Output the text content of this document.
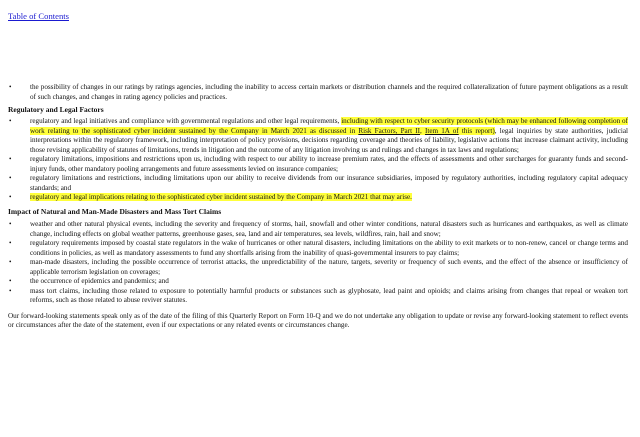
Table of Contents
•	the possibility of changes in our ratings by ratings agencies, including the inability to access certain markets or distribution channels and the required collateralization of future payment obligations as a result of such changes, and changes in rating agency policies and practices.
Regulatory and Legal Factors
•	regulatory and legal initiatives and compliance with governmental regulations and other legal requirements, including with respect to cyber security protocols (which may be enhanced following completion of work relating to the sophisticated cyber incident sustained by the Company in March 2021 as discussed in Risk Factors, Part II, Item 1A of this report), legal inquiries by state authorities, judicial interpretations within the regulatory framework, including interpretation of policy provisions, decisions regarding coverage and theories of liability, legislative actions that increase claimant activity, including those revising applicability of statutes of limitations, trends in litigation and the outcome of any litigation involving us and rulings and changes in tax laws and regulations;
•	regulatory limitations, impositions and restrictions upon us, including with respect to our ability to increase premium rates, and the effects of assessments and other surcharges for guaranty funds and second-injury funds, other mandatory pooling arrangements and future assessments levied on insurance companies;
•	regulatory limitations and restrictions, including limitations upon our ability to receive dividends from our insurance subsidiaries, imposed by regulatory authorities, including regulatory capital adequacy standards; and
•	regulatory and legal implications relating to the sophisticated cyber incident sustained by the Company in March 2021 that may arise.
Impact of Natural and Man-Made Disasters and Mass Tort Claims
•	weather and other natural physical events, including the severity and frequency of storms, hail, snowfall and other winter conditions, natural disasters such as hurricanes and earthquakes, as well as climate change, including effects on global weather patterns, greenhouse gases, sea, land and air temperatures, sea levels, wildfires, rain, hail and snow;
•	regulatory requirements imposed by coastal state regulators in the wake of hurricanes or other natural disasters, including limitations on the ability to exit markets or to non-renew, cancel or change terms and conditions in policies, as well as mandatory assessments to fund any shortfalls arising from the inability of quasi-governmental insurers to pay claims;
•	man-made disasters, including the possible occurrence of terrorist attacks, the unpredictability of the nature, targets, severity or frequency of such events, and the effect of the absence or insufficiency of applicable terrorism legislation on coverages;
•	the occurrence of epidemics and pandemics; and
•	mass tort claims, including those related to exposure to potentially harmful products or substances such as glyphosate, lead paint and opioids; and claims arising from changes that repeal or weaken tort reforms, such as those related to abuse reviver statutes.
Our forward-looking statements speak only as of the date of the filing of this Quarterly Report on Form 10-Q and we do not undertake any obligation to update or revise any forward-looking statement to reflect events or circumstances after the date of the statement, even if our expectations or any related events or circumstances change.
